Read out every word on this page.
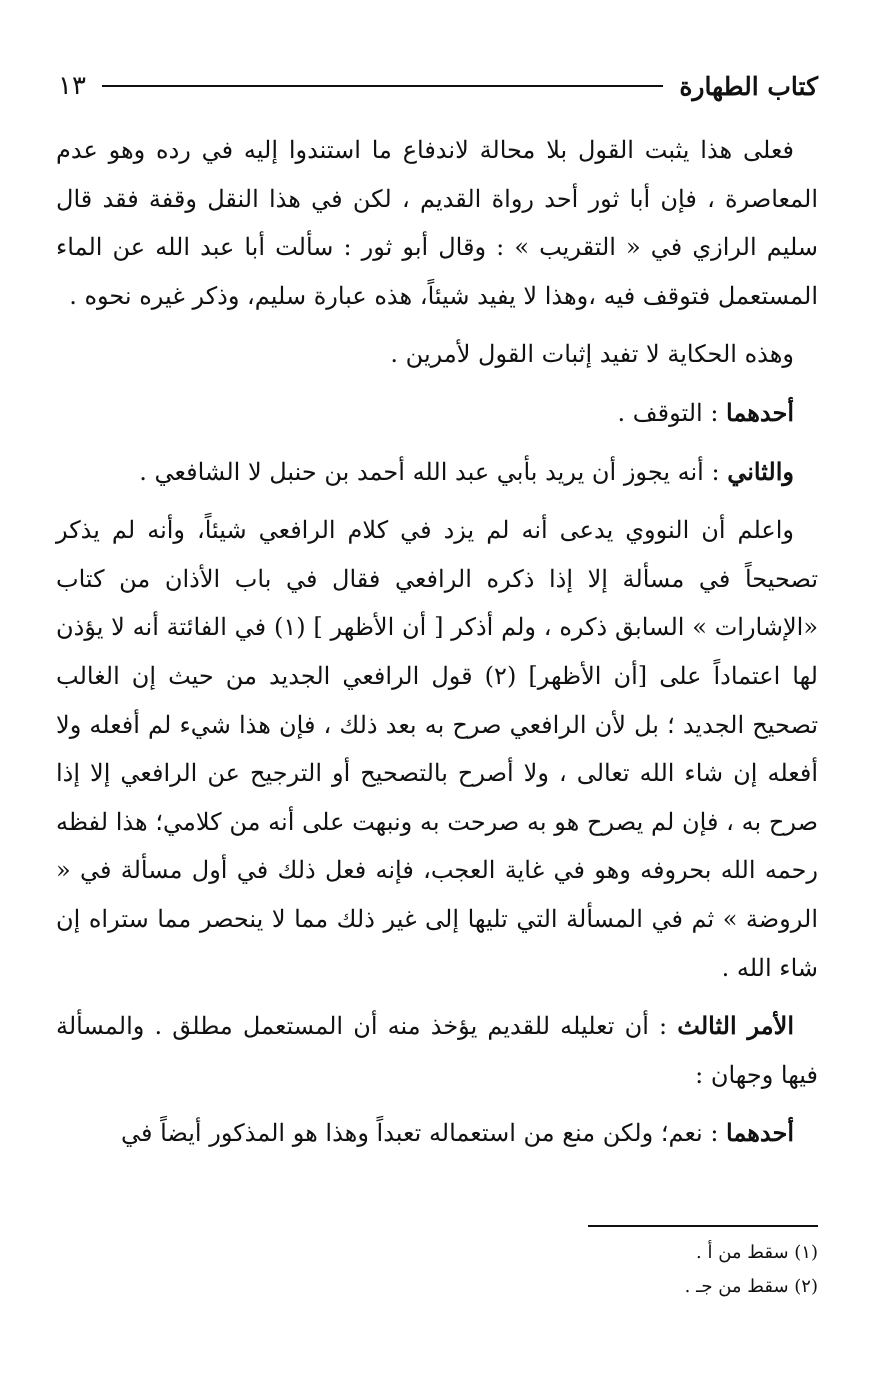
كتاب الطهارة
١٣

فعلى هذا يثبت القول بلا محالة لاندفاع ما استندوا إليه في رده وهو عدم المعاصرة ، فإن أبا ثور أحد رواة القديم ، لكن في هذا النقل وقفة فقد قال سليم الرازي في « التقريب » : وقال أبو ثور : سألت أبا عبد الله عن الماء المستعمل فتوقف فيه ،وهذا لا يفيد شيئاً، هذه عبارة سليم، وذكر غيره نحوه .

وهذه الحكاية لا تفيد إثبات القول لأمرين .

أحدهما : التوقف .

والثاني : أنه يجوز أن يريد بأبي عبد الله أحمد بن حنبل لا الشافعي .

واعلم أن النووي يدعى أنه لم يزد في كلام الرافعي شيئاً، وأنه لم يذكر تصحيحاً في مسألة إلا إذا ذكره الرافعي فقال في باب الأذان من كتاب «الإشارات » السابق ذكره ، ولم أذكر [ أن الأظهر ] (١) في الفائتة أنه لا يؤذن لها اعتماداً على [أن الأظهر] (٢) قول الرافعي الجديد من حيث إن الغالب تصحيح الجديد ؛ بل لأن الرافعي صرح به بعد ذلك ، فإن هذا شيء لم أفعله ولا أفعله إن شاء الله تعالى ، ولا أصرح بالتصحيح أو الترجيح عن الرافعي إلا إذا صرح به ، فإن لم يصرح هو به صرحت به ونبهت على أنه من كلامي؛ هذا لفظه رحمه الله بحروفه وهو في غاية العجب، فإنه فعل ذلك في أول مسألة في « الروضة » ثم في المسألة التي تليها إلى غير ذلك مما لا ينحصر مما ستراه إن شاء الله .

الأمر الثالث : أن تعليله للقديم يؤخذ منه أن المستعمل مطلق . والمسألة فيها وجهان :

أحدهما : نعم؛ ولكن منع من استعماله تعبداً وهذا هو المذكور أيضاً في

(١) سقط من أ .

(٢) سقط من جـ .
